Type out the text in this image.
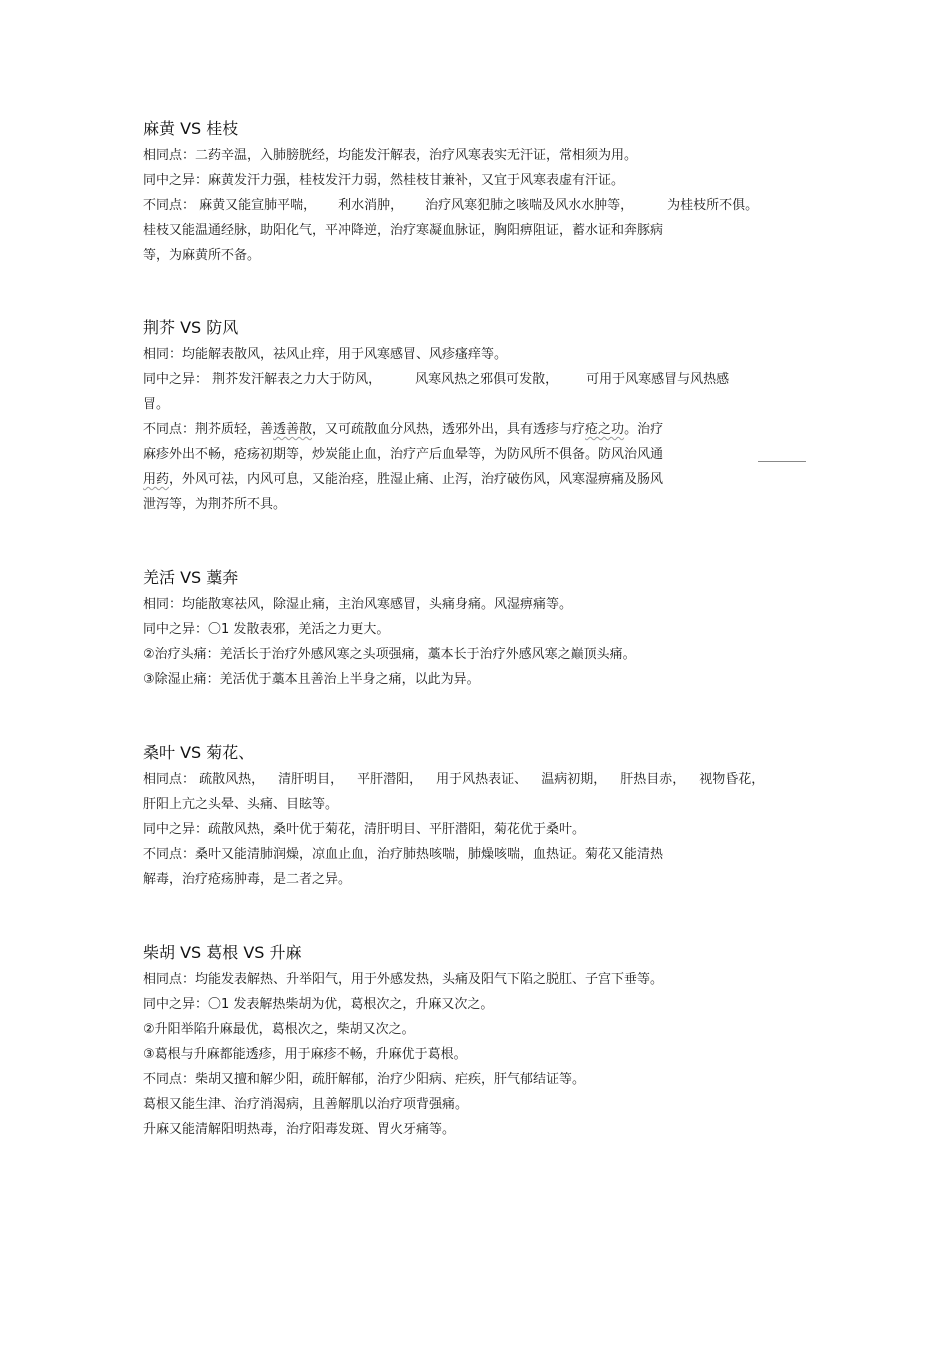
麻黄 VS 桂枝
相同点：二药辛温，入肺膀胱经，均能发汗解表，治疗风寒表实无汗证，常相须为用。
同中之异：麻黄发汗力强，桂枝发汗力弱，然桂枝甘兼补，又宜于风寒表虚有汗证。
不同点： 麻黄又能宣肺平喘， 利水消肿， 治疗风寒犯肺之咳喘及风水水肿等，	为桂枝所不俱。
桂枝又能温通经脉，助阳化气，平冲降逆，治疗寒凝血脉证，胸阳痹阻证，蓄水证和奔豚病
等，为麻黄所不备。
荆芥 VS 防风
相同：均能解表散风，祛风止痒，用于风寒感冒、风疹瘙痒等。
同中之异： 荆芥发汗解表之力大于防风，	风寒风热之邪俱可发散， 可用于风寒感冒与风热感
冒。
不同点：荆芥质轻，善透善散，又可疏散血分风热，透邪外出，具有透疹与疗疮之功。治疗
麻疹外出不畅，疮疡初期等，炒炭能止血，治疗产后血晕等，为防风所不俱备。防风治风通
用药，外风可祛，内风可息，又能治痉，胜湿止痛、止泻，治疗破伤风，风寒湿痹痛及肠风
泄泻等，为荆芥所不具。
羌活 VS 藁奔
相同：均能散寒祛风，除湿止痛，主治风寒感冒，头痛身痛。风湿痹痛等。
同中之异：〇1 发散表邪，羌活之力更大。
②治疗头痛：羌活长于治疗外感风寒之头项强痛，藁本长于治疗外感风寒之巅顶头痛。
③除湿止痛：羌活优于藁本且善治上半身之痛，以此为异。
桑叶 VS 菊花、
相同点： 疏散风热， 清肝明目， 平肝潜阳， 用于风热表证、 温病初期， 肝热目赤， 视物昏花，
肝阳上亢之头晕、头痛、目眩等。
同中之异：疏散风热，桑叶优于菊花，清肝明目、平肝潜阳，菊花优于桑叶。
不同点：桑叶又能清肺润燥，凉血止血，治疗肺热咳喘，肺燥咳喘，血热证。菊花又能清热
解毒，治疗疮疡肿毒，是二者之异。
柴胡 VS 葛根 VS 升麻
相同点：均能发表解热、升举阳气，用于外感发热，头痛及阳气下陷之脱肛、子宫下垂等。
同中之异：〇1 发表解热柴胡为优，葛根次之，升麻又次之。
②升阳举陷升麻最优，葛根次之，柴胡又次之。
③葛根与升麻都能透疹，用于麻疹不畅，升麻优于葛根。
不同点：柴胡又擅和解少阳，疏肝解郁，治疗少阳病、疟疾，肝气郁结证等。
葛根又能生津、治疗消渴病，且善解肌以治疗项背强痛。
升麻又能清解阳明热毒，治疗阳毒发斑、胃火牙痛等。
